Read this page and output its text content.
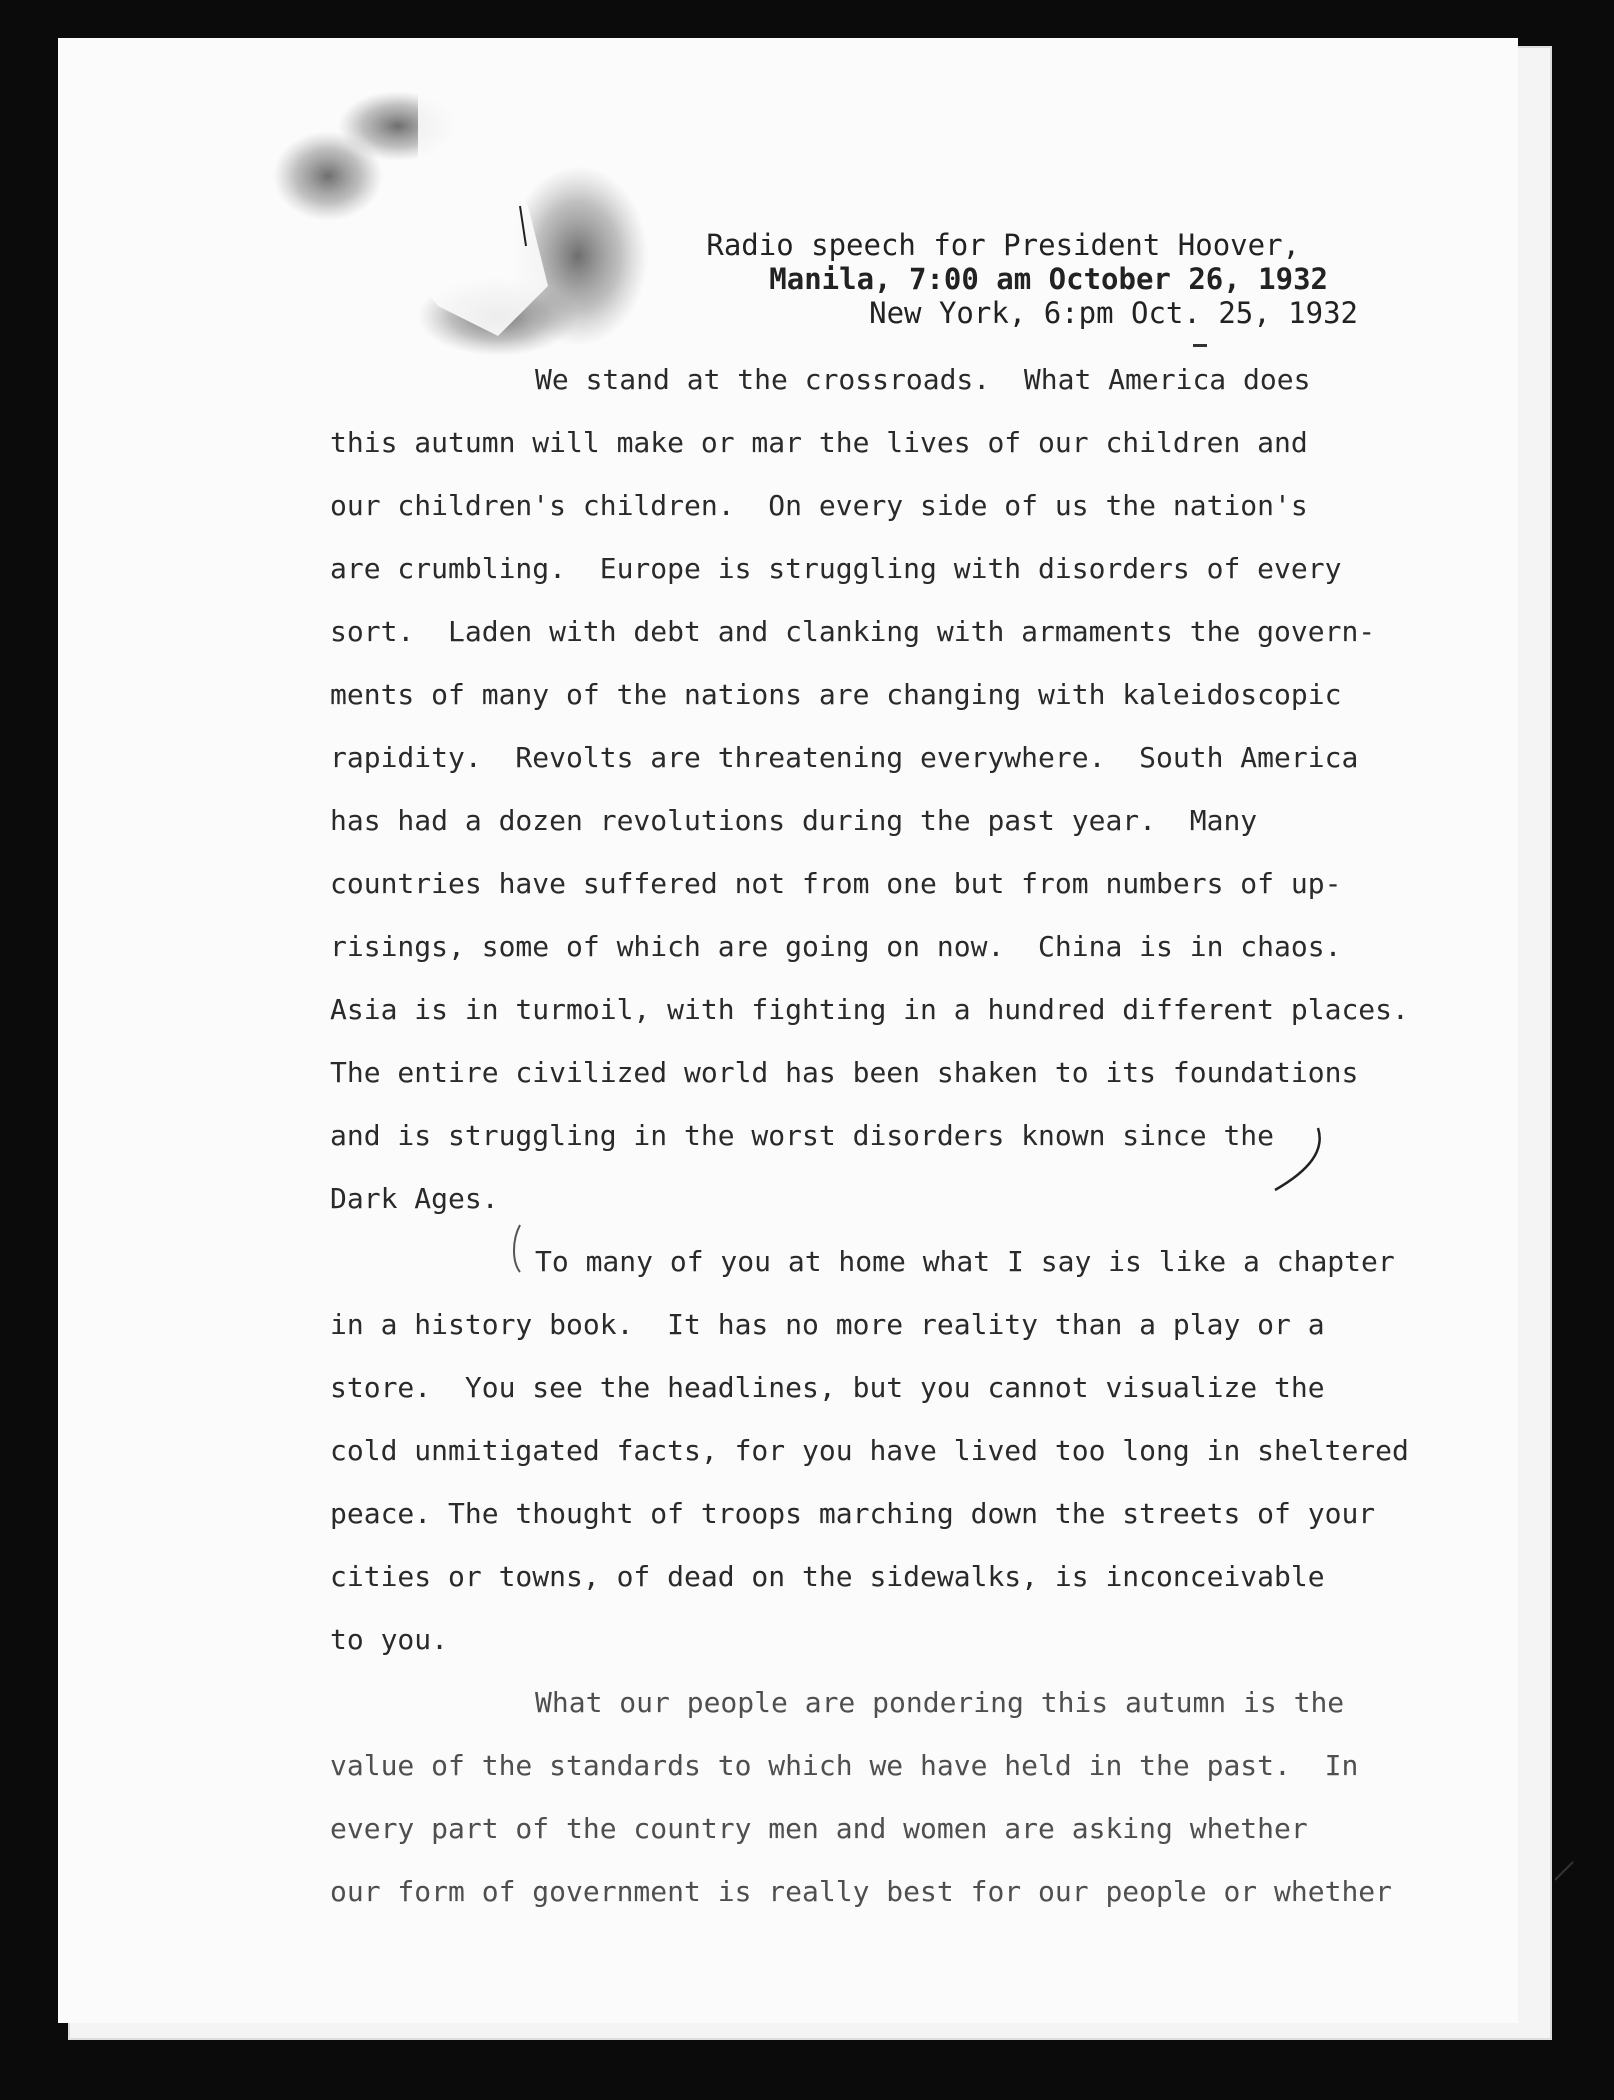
Radio speech for President Hoover,
Manila, 7:00 am October 26, 1932
New York, 6:pm Oct. 25, 1932
We stand at the crossroads.  What America does
this autumn will make or mar the lives of our children and
our children's children.  On every side of us the nation's
are crumbling.  Europe is struggling with disorders of every
sort.  Laden with debt and clanking with armaments the govern-
ments of many of the nations are changing with kaleidoscopic
rapidity.  Revolts are threatening everywhere.  South America
has had a dozen revolutions during the past year.  Many
countries have suffered not from one but from numbers of up-
risings, some of which are going on now.  China is in chaos.
Asia is in turmoil, with fighting in a hundred different places.
The entire civilized world has been shaken to its foundations
and is struggling in the worst disorders known since the
Dark Ages.
To many of you at home what I say is like a chapter
in a history book.  It has no more reality than a play or a
store.  You see the headlines, but you cannot visualize the
cold unmitigated facts, for you have lived too long in sheltered
peace. The thought of troops marching down the streets of your
cities or towns, of dead on the sidewalks, is inconceivable
to you.
What our people are pondering this autumn is the
value of the standards to which we have held in the past.  In
every part of the country men and women are asking whether
our form of government is really best for our people or whether
